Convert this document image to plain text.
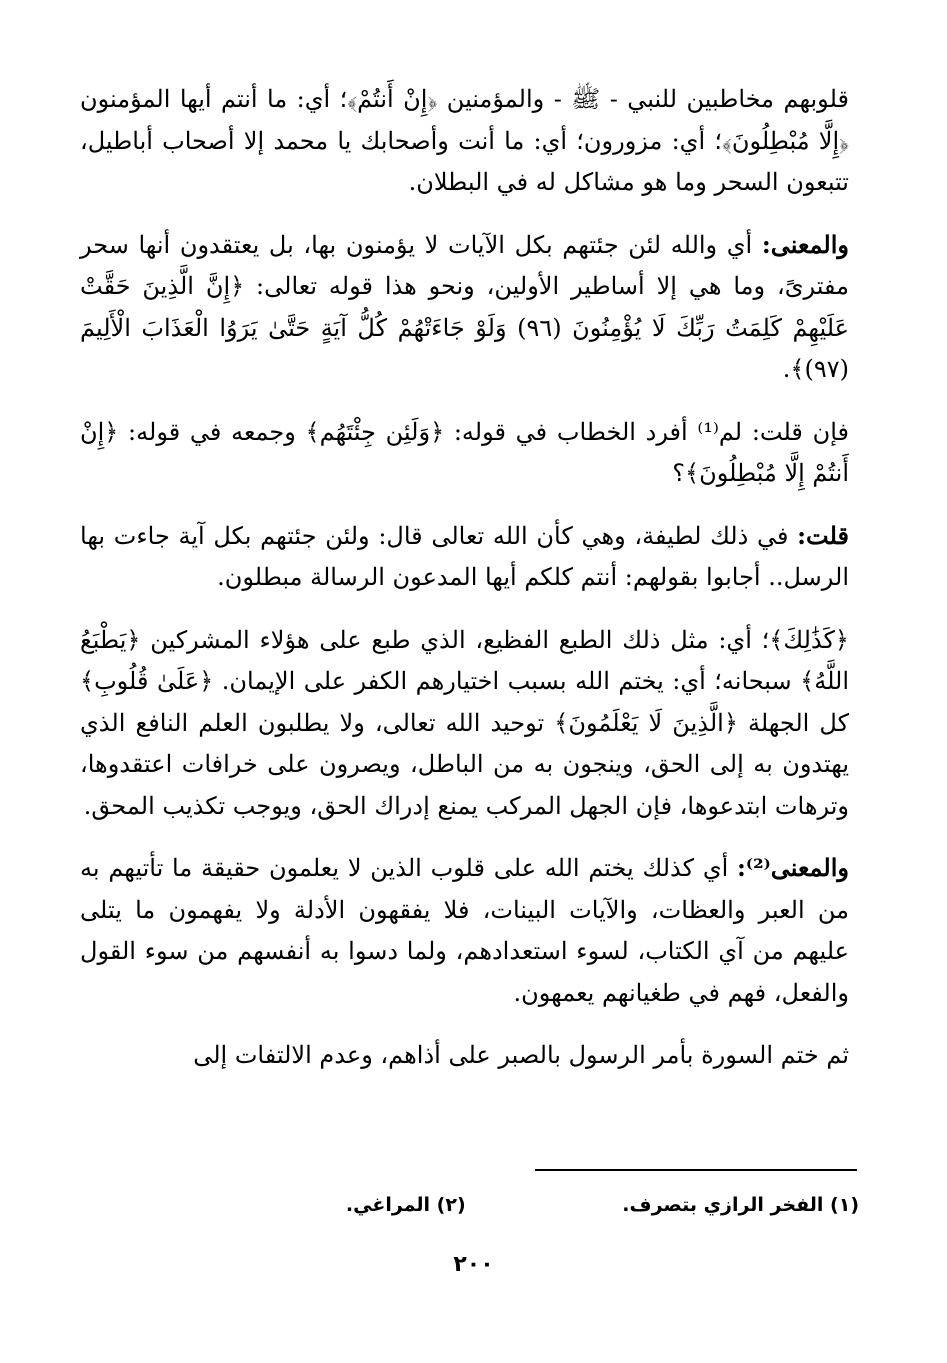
قلوبهم مخاطبين للنبي - ﷺ - والمؤمنين ﴿إِنْ أَنتُمْ﴾؛ أي: ما أنتم أيها المؤمنون ﴿إِلَّا مُبْطِلُونَ﴾؛ أي: مزورون؛ أي: ما أنت وأصحابك يا محمد إلا أصحاب أباطيل، تتبعون السحر وما هو مشاكل له في البطلان.

والمعنى: أي والله لئن جئتهم بكل الآيات لا يؤمنون بها، بل يعتقدون أنها سحر مفترىً، وما هي إلا أساطير الأولين، ونحو هذا قوله تعالى: ﴿إِنَّ الَّذِينَ حَقَّتْ عَلَيْهِمْ كَلِمَتُ رَبِّكَ لَا يُؤْمِنُونَ (٩٦) وَلَوْ جَاءَتْهُمْ كُلُّ آيَةٍ حَتَّىٰ يَرَوُا الْعَذَابَ الْأَلِيمَ (٩٧)﴾.

فإن قلت: لم⁽¹⁾ أفرد الخطاب في قوله: ﴿وَلَئِن جِئْتَهُم﴾ وجمعه في قوله: ﴿إِنْ أَنتُمْ إِلَّا مُبْطِلُونَ﴾؟

قلت: في ذلك لطيفة، وهي كأن الله تعالى قال: ولئن جئتهم بكل آية جاءت بها الرسل.. أجابوا بقولهم: أنتم كلكم أيها المدعون الرسالة مبطلون.

﴿كَذَٰلِكَ﴾؛ أي: مثل ذلك الطبع الفظيع، الذي طبع على هؤلاء المشركين ﴿يَطْبَعُ اللَّهُ﴾ سبحانه؛ أي: يختم الله بسبب اختيارهم الكفر على الإيمان. ﴿عَلَىٰ قُلُوبِ﴾ كل الجهلة ﴿الَّذِينَ لَا يَعْلَمُونَ﴾ توحيد الله تعالى، ولا يطلبون العلم النافع الذي يهتدون به إلى الحق، وينجون به من الباطل، ويصرون على خرافات اعتقدوها، وترهات ابتدعوها، فإن الجهل المركب يمنع إدراك الحق، ويوجب تكذيب المحق.

والمعنى⁽²⁾: أي كذلك يختم الله على قلوب الذين لا يعلمون حقيقة ما تأتيهم به من العبر والعظات، والآيات البينات، فلا يفقهون الأدلة ولا يفهمون ما يتلى عليهم من آي الكتاب، لسوء استعدادهم، ولما دسوا به أنفسهم من سوء القول والفعل، فهم في طغيانهم يعمهون.

ثم ختم السورة بأمر الرسول بالصبر على أذاهم، وعدم الالتفات إلى

(١) الفخر الرازي بتصرف. (٢) المراغي.
٢٠٠
